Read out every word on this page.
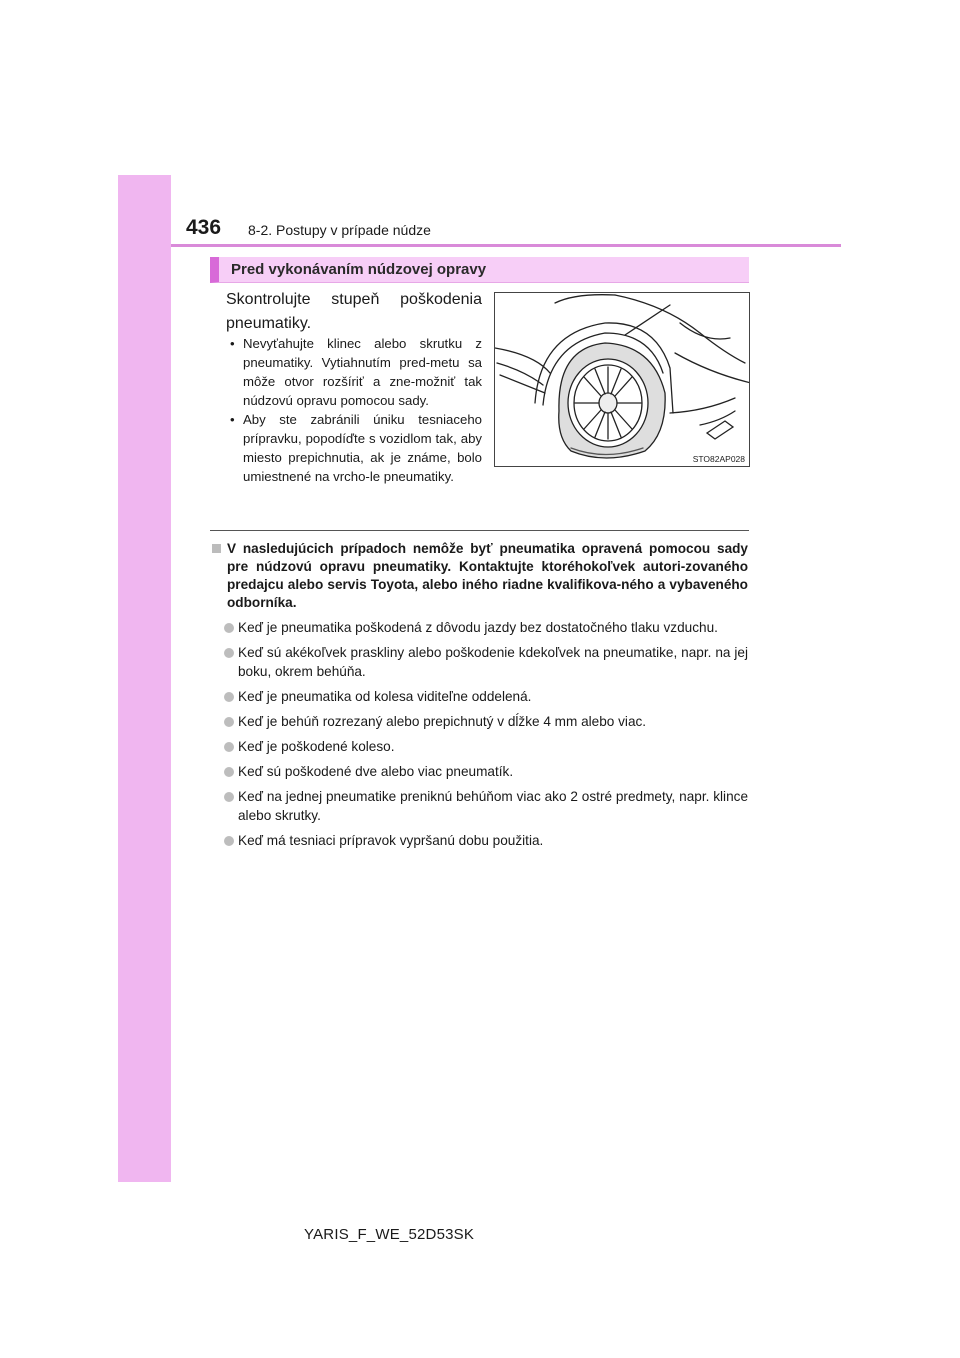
436 8-2. Postupy v prípade núdze
Pred vykonávaním núdzovej opravy
Skontrolujte stupeň poškodenia pneumatiky.
• Nevyťahujte klinec alebo skrutku z pneumatiky. Vytiahnutím pred-metu sa môže otvor rozšíriť a zne-možniť tak núdzovú opravu pomocou sady.
• Aby ste zabránili úniku tesniaceho prípravku, popodíďte s vozidlom tak, aby miesto prepichnutia, ak je známe, bolo umiestnené na vrcho-le pneumatiky.
STO82AP028
V nasledujúcich prípadoch nemôže byť pneumatika opravená pomocou sady pre núdzovú opravu pneumatiky. Kontaktujte ktoréhokoľvek autori-zovaného predajcu alebo servis Toyota, alebo iného riadne kvalifikova-ného a vybaveného odborníka.
Keď je pneumatika poškodená z dôvodu jazdy bez dostatočného tlaku vzduchu.
Keď sú akékoľvek praskliny alebo poškodenie kdekoľvek na pneumatike, napr. na jej boku, okrem behúňa.
Keď je pneumatika od kolesa viditeľne oddelená.
Keď je behúň rozrezaný alebo prepichnutý v dĺžke 4 mm alebo viac.
Keď je poškodené koleso.
Keď sú poškodené dve alebo viac pneumatík.
Keď na jednej pneumatike preniknú behúňom viac ako 2 ostré predmety, napr. klince alebo skrutky.
Keď má tesniaci prípravok vypršanú dobu použitia.
YARIS_F_WE_52D53SK
